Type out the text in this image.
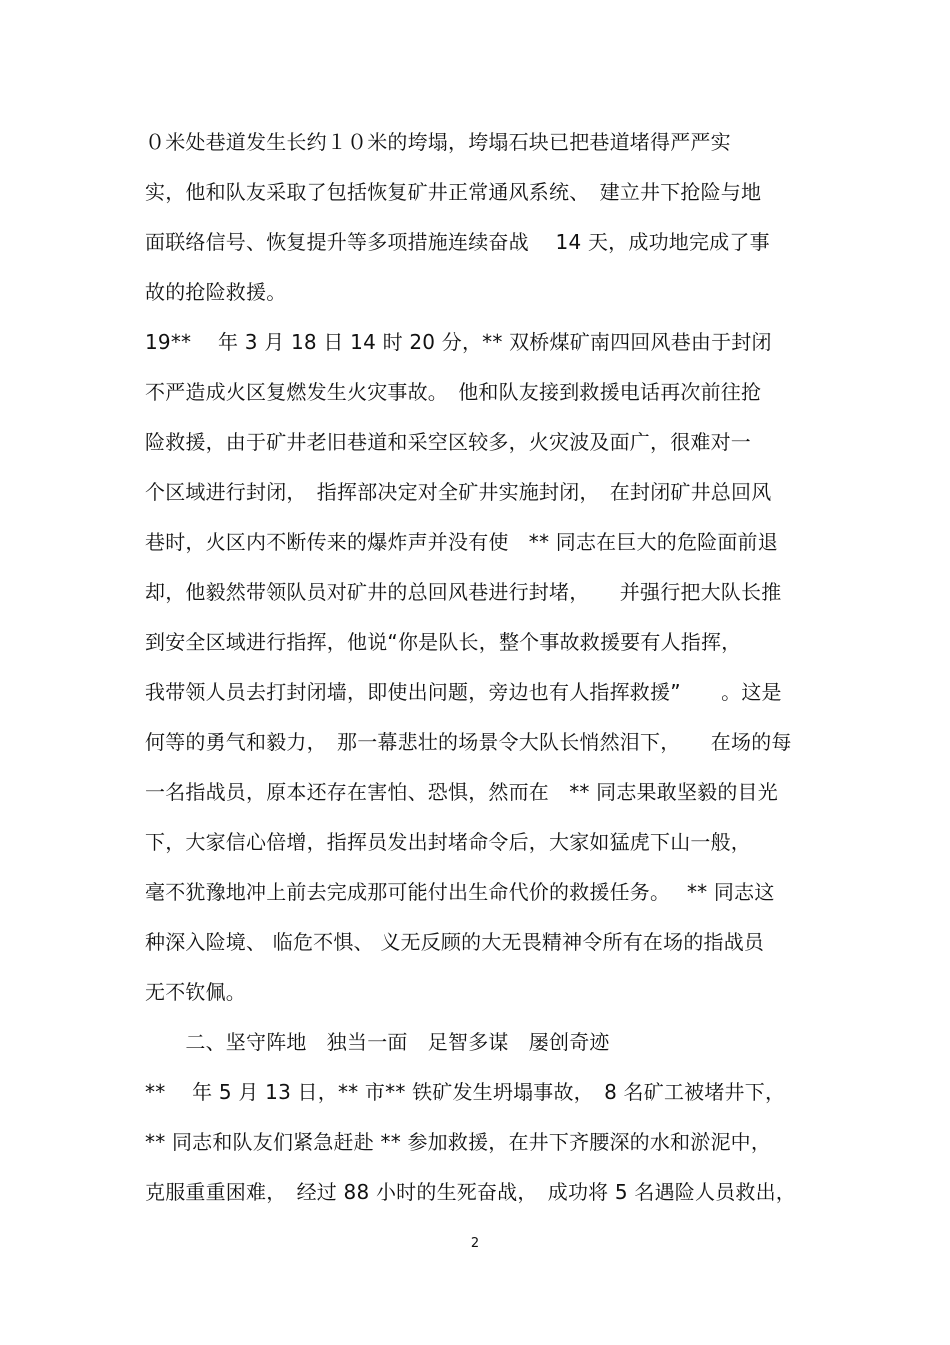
０米处巷道发生长约１０米的垮塌，垮塌石块已把巷道堵得严严实
实，他和队友采取了包括恢复矿井正常通风系统、　建立井下抢险与地
面联络信号、恢复提升等多项措施连续奋战　 14 天，成功地完成了事
故的抢险救援。
19**　 年 3 月 18 日 14 时 20 分，** 双桥煤矿南四回风巷由于封闭
不严造成火区复燃发生火灾事故。　他和队友接到救援电话再次前往抢
险救援，由于矿井老旧巷道和采空区较多，火灾波及面广，很难对一
个区域进行封闭，　指挥部决定对全矿井实施封闭，　在封闭矿井总回风
巷时，火区内不断传来的爆炸声并没有使　** 同志在巨大的危险面前退
却，他毅然带领队员对矿井的总回风巷进行封堵，　　并强行把大队长推
到安全区域进行指挥，他说“你是队长，整个事故救援要有人指挥，
我带领人员去打封闭墙，即使出问题，旁边也有人指挥救援”　　。这是
何等的勇气和毅力，　那一幕悲壮的场景令大队长悄然泪下，　　在场的每
一名指战员，原本还存在害怕、恐惧，然而在　** 同志果敢坚毅的目光
下，大家信心倍增，指挥员发出封堵命令后，大家如猛虎下山一般，
毫不犹豫地冲上前去完成那可能付出生命代价的救援任务。　 ** 同志这
种深入险境、 临危不惧、 义无反顾的大无畏精神令所有在场的指战员
无不钦佩。
　　二、坚守阵地　独当一面　足智多谋　屡创奇迹
**　 年 5 月 13 日，** 市** 铁矿发生坍塌事故，　8 名矿工被堵井下，
** 同志和队友们紧急赶赴 ** 参加救援，在井下齐腰深的水和淤泥中，
克服重重困难，　经过 88 小时的生死奋战，　成功将 5 名遇险人员救出，
2
